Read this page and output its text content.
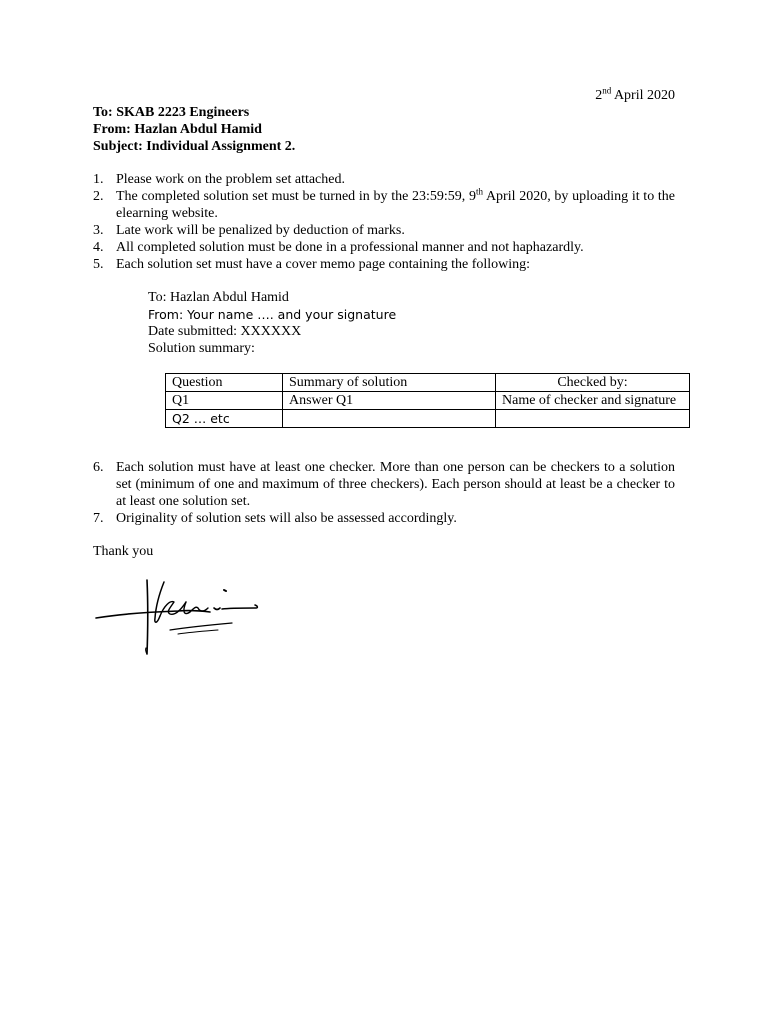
2nd April 2020
To: SKAB 2223 Engineers
From: Hazlan Abdul Hamid
Subject: Individual Assignment 2.
1. Please work on the problem set attached.
2. The completed solution set must be turned in by the 23:59:59, 9th April 2020, by uploading it to the elearning website.
3. Late work will be penalized by deduction of marks.
4. All completed solution must be done in a professional manner and not haphazardly.
5. Each solution set must have a cover memo page containing the following:
To: Hazlan Abdul Hamid
From: Your name …. and your signature
Date submitted: XXXXXX
Solution summary:
Question	Summary of solution	Checked by:
Q1	Answer Q1	Name of checker and signature
Q2 … etc		
6. Each solution must have at least one checker. More than one person can be checkers to a solution set (minimum of one and maximum of three checkers). Each person should at least be a checker to at least one solution set.
7. Originality of solution sets will also be assessed accordingly.
Thank you
